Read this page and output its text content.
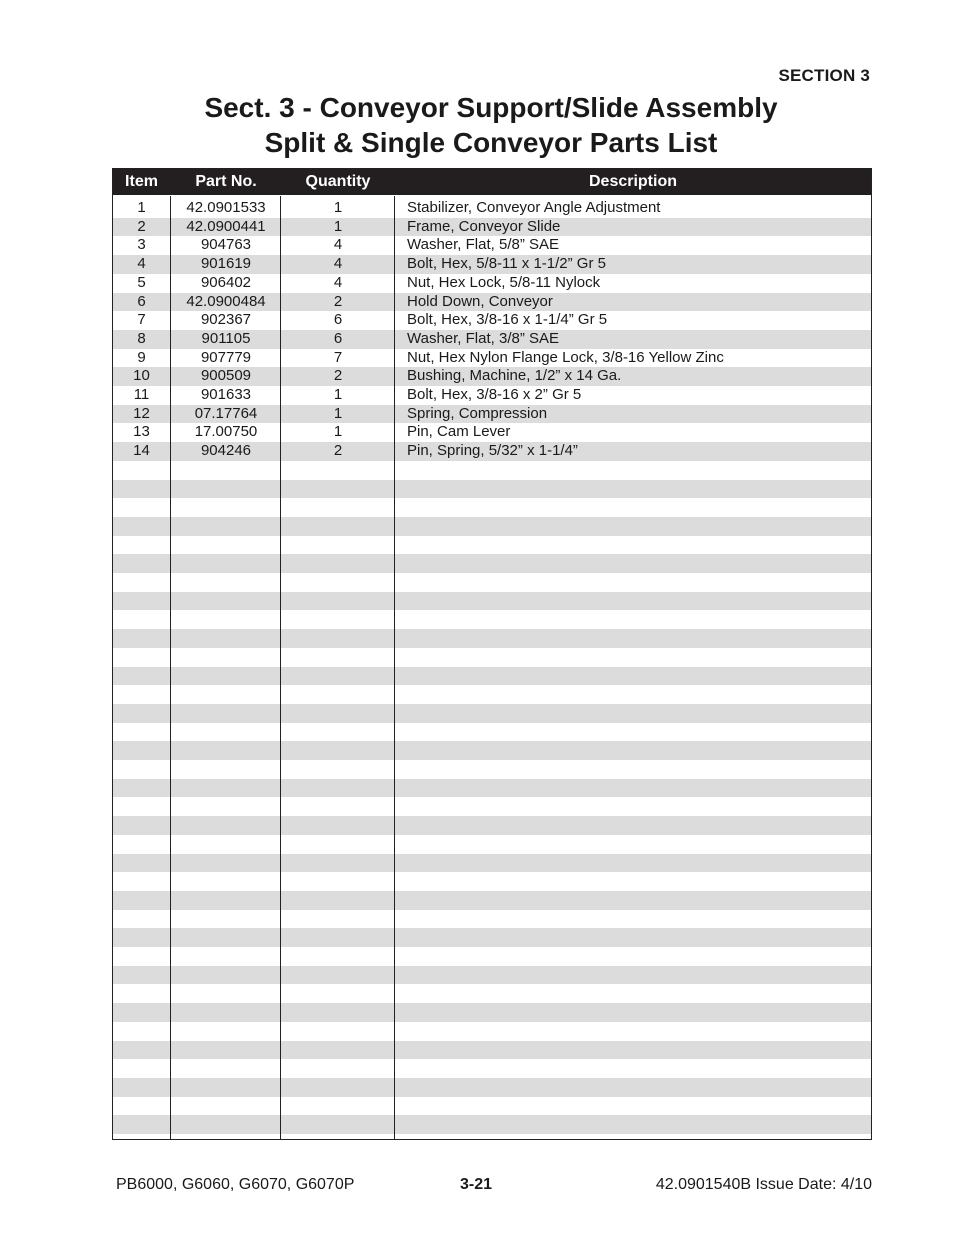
SECTION 3
Sect. 3 - Conveyor Support/Slide Assembly
Split & Single Conveyor Parts List
Item	Part No.	Quantity	Description
1	42.0901533	1	Stabilizer, Conveyor Angle Adjustment
2	42.0900441	1	Frame, Conveyor Slide
3	904763	4	Washer, Flat, 5/8” SAE
4	901619	4	Bolt, Hex, 5/8-11 x 1-1/2” Gr 5
5	906402	4	Nut, Hex Lock, 5/8-11 Nylock
6	42.0900484	2	Hold Down, Conveyor
7	902367	6	Bolt, Hex, 3/8-16 x 1-1/4” Gr 5
8	901105	6	Washer, Flat, 3/8” SAE
9	907779	7	Nut, Hex Nylon Flange Lock, 3/8-16 Yellow Zinc
10	900509	2	Bushing, Machine, 1/2” x 14 Ga.
11	901633	1	Bolt, Hex, 3/8-16 x 2” Gr 5
12	07.17764	1	Spring, Compression
13	17.00750	1	Pin, Cam Lever
14	904246	2	Pin, Spring, 5/32” x 1-1/4”
PB6000, G6060, G6070, G6070P	3-21	42.0901540B Issue Date: 4/10
